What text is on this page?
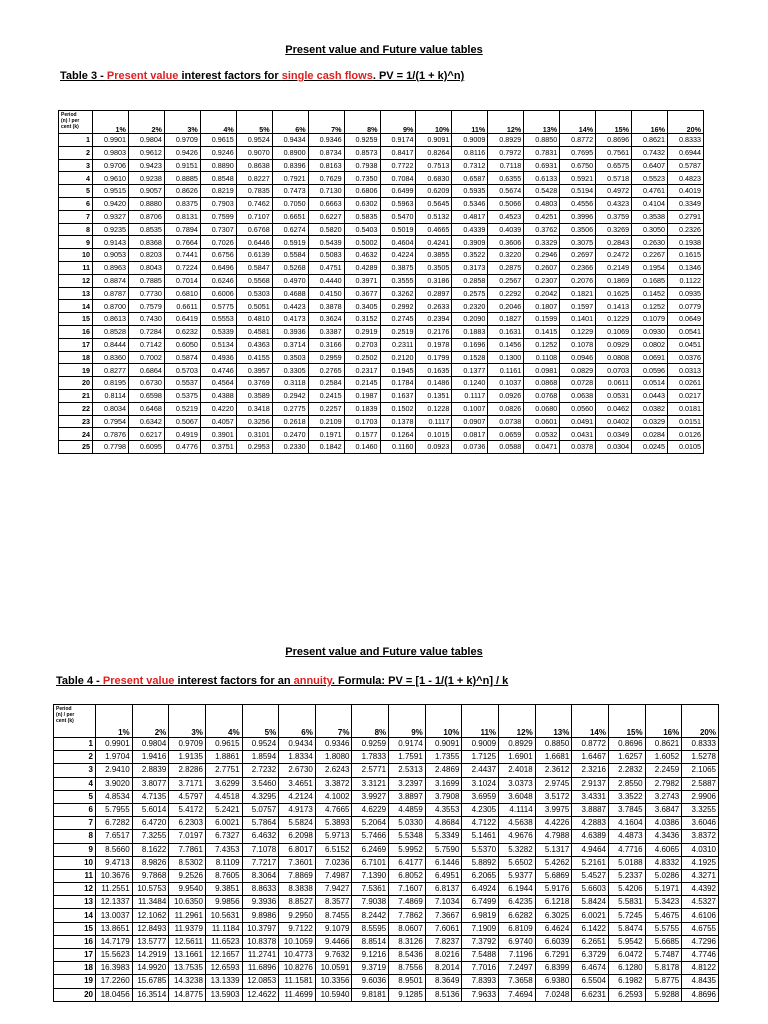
Present value and Future value tables
Table 3 - Present value interest factors for single cash flows. PV = 1/(1 + k)^n)
Period
(n) / per
cent (k)	1%	2%	3%	4%	5%	6%	7%	8%	9%	10%	11%	12%	13%	14%	15%	16%	20%
1	0.9901	0.9804	0.9709	0.9615	0.9524	0.9434	0.9346	0.9259	0.9174	0.9091	0.9009	0.8929	0.8850	0.8772	0.8696	0.8621	0.8333
2	0.9803	0.9612	0.9426	0.9246	0.9070	0.8900	0.8734	0.8573	0.8417	0.8264	0.8116	0.7972	0.7831	0.7695	0.7561	0.7432	0.6944
3	0.9706	0.9423	0.9151	0.8890	0.8638	0.8396	0.8163	0.7938	0.7722	0.7513	0.7312	0.7118	0.6931	0.6750	0.6575	0.6407	0.5787
4	0.9610	0.9238	0.8885	0.8548	0.8227	0.7921	0.7629	0.7350	0.7084	0.6830	0.6587	0.6355	0.6133	0.5921	0.5718	0.5523	0.4823
5	0.9515	0.9057	0.8626	0.8219	0.7835	0.7473	0.7130	0.6806	0.6499	0.6209	0.5935	0.5674	0.5428	0.5194	0.4972	0.4761	0.4019
6	0.9420	0.8880	0.8375	0.7903	0.7462	0.7050	0.6663	0.6302	0.5963	0.5645	0.5346	0.5066	0.4803	0.4556	0.4323	0.4104	0.3349
7	0.9327	0.8706	0.8131	0.7599	0.7107	0.6651	0.6227	0.5835	0.5470	0.5132	0.4817	0.4523	0.4251	0.3996	0.3759	0.3538	0.2791
8	0.9235	0.8535	0.7894	0.7307	0.6768	0.6274	0.5820	0.5403	0.5019	0.4665	0.4339	0.4039	0.3762	0.3506	0.3269	0.3050	0.2326
9	0.9143	0.8368	0.7664	0.7026	0.6446	0.5919	0.5439	0.5002	0.4604	0.4241	0.3909	0.3606	0.3329	0.3075	0.2843	0.2630	0.1938
10	0.9053	0.8203	0.7441	0.6756	0.6139	0.5584	0.5083	0.4632	0.4224	0.3855	0.3522	0.3220	0.2946	0.2697	0.2472	0.2267	0.1615
11	0.8963	0.8043	0.7224	0.6496	0.5847	0.5268	0.4751	0.4289	0.3875	0.3505	0.3173	0.2875	0.2607	0.2366	0.2149	0.1954	0.1346
12	0.8874	0.7885	0.7014	0.6246	0.5568	0.4970	0.4440	0.3971	0.3555	0.3186	0.2858	0.2567	0.2307	0.2076	0.1869	0.1685	0.1122
13	0.8787	0.7730	0.6810	0.6006	0.5303	0.4688	0.4150	0.3677	0.3262	0.2897	0.2575	0.2292	0.2042	0.1821	0.1625	0.1452	0.0935
14	0.8700	0.7579	0.6611	0.5775	0.5051	0.4423	0.3878	0.3405	0.2992	0.2633	0.2320	0.2046	0.1807	0.1597	0.1413	0.1252	0.0779
15	0.8613	0.7430	0.6419	0.5553	0.4810	0.4173	0.3624	0.3152	0.2745	0.2394	0.2090	0.1827	0.1599	0.1401	0.1229	0.1079	0.0649
16	0.8528	0.7284	0.6232	0.5339	0.4581	0.3936	0.3387	0.2919	0.2519	0.2176	0.1883	0.1631	0.1415	0.1229	0.1069	0.0930	0.0541
17	0.8444	0.7142	0.6050	0.5134	0.4363	0.3714	0.3166	0.2703	0.2311	0.1978	0.1696	0.1456	0.1252	0.1078	0.0929	0.0802	0.0451
18	0.8360	0.7002	0.5874	0.4936	0.4155	0.3503	0.2959	0.2502	0.2120	0.1799	0.1528	0.1300	0.1108	0.0946	0.0808	0.0691	0.0376
19	0.8277	0.6864	0.5703	0.4746	0.3957	0.3305	0.2765	0.2317	0.1945	0.1635	0.1377	0.1161	0.0981	0.0829	0.0703	0.0596	0.0313
20	0.8195	0.6730	0.5537	0.4564	0.3769	0.3118	0.2584	0.2145	0.1784	0.1486	0.1240	0.1037	0.0868	0.0728	0.0611	0.0514	0.0261
21	0.8114	0.6598	0.5375	0.4388	0.3589	0.2942	0.2415	0.1987	0.1637	0.1351	0.1117	0.0926	0.0768	0.0638	0.0531	0.0443	0.0217
22	0.8034	0.6468	0.5219	0.4220	0.3418	0.2775	0.2257	0.1839	0.1502	0.1228	0.1007	0.0826	0.0680	0.0560	0.0462	0.0382	0.0181
23	0.7954	0.6342	0.5067	0.4057	0.3256	0.2618	0.2109	0.1703	0.1378	0.1117	0.0907	0.0738	0.0601	0.0491	0.0402	0.0329	0.0151
24	0.7876	0.6217	0.4919	0.3901	0.3101	0.2470	0.1971	0.1577	0.1264	0.1015	0.0817	0.0659	0.0532	0.0431	0.0349	0.0284	0.0126
25	0.7798	0.6095	0.4776	0.3751	0.2953	0.2330	0.1842	0.1460	0.1160	0.0923	0.0736	0.0588	0.0471	0.0378	0.0304	0.0245	0.0105
Present value and Future value tables
Table 4 - Present value interest factors for an annuity. Formula: PV = [1 - 1/(1 + k)^n] / k
Period
(n) / per
cent (k)	1%	2%	3%	4%	5%	6%	7%	8%	9%	10%	11%	12%	13%	14%	15%	16%	20%
1	0.9901	0.9804	0.9709	0.9615	0.9524	0.9434	0.9346	0.9259	0.9174	0.9091	0.9009	0.8929	0.8850	0.8772	0.8696	0.8621	0.8333
2	1.9704	1.9416	1.9135	1.8861	1.8594	1.8334	1.8080	1.7833	1.7591	1.7355	1.7125	1.6901	1.6681	1.6467	1.6257	1.6052	1.5278
3	2.9410	2.8839	2.8286	2.7751	2.7232	2.6730	2.6243	2.5771	2.5313	2.4869	2.4437	2.4018	2.3612	2.3216	2.2832	2.2459	2.1065
4	3.9020	3.8077	3.7171	3.6299	3.5460	3.4651	3.3872	3.3121	3.2397	3.1699	3.1024	3.0373	2.9745	2.9137	2.8550	2.7982	2.5887
5	4.8534	4.7135	4.5797	4.4518	4.3295	4.2124	4.1002	3.9927	3.8897	3.7908	3.6959	3.6048	3.5172	3.4331	3.3522	3.2743	2.9906
6	5.7955	5.6014	5.4172	5.2421	5.0757	4.9173	4.7665	4.6229	4.4859	4.3553	4.2305	4.1114	3.9975	3.8887	3.7845	3.6847	3.3255
7	6.7282	6.4720	6.2303	6.0021	5.7864	5.5824	5.3893	5.2064	5.0330	4.8684	4.7122	4.5638	4.4226	4.2883	4.1604	4.0386	3.6046
8	7.6517	7.3255	7.0197	6.7327	6.4632	6.2098	5.9713	5.7466	5.5348	5.3349	5.1461	4.9676	4.7988	4.6389	4.4873	4.3436	3.8372
9	8.5660	8.1622	7.7861	7.4353	7.1078	6.8017	6.5152	6.2469	5.9952	5.7590	5.5370	5.3282	5.1317	4.9464	4.7716	4.6065	4.0310
10	9.4713	8.9826	8.5302	8.1109	7.7217	7.3601	7.0236	6.7101	6.4177	6.1446	5.8892	5.6502	5.4262	5.2161	5.0188	4.8332	4.1925
11	10.3676	9.7868	9.2526	8.7605	8.3064	7.8869	7.4987	7.1390	6.8052	6.4951	6.2065	5.9377	5.6869	5.4527	5.2337	5.0286	4.3271
12	11.2551	10.5753	9.9540	9.3851	8.8633	8.3838	7.9427	7.5361	7.1607	6.8137	6.4924	6.1944	5.9176	5.6603	5.4206	5.1971	4.4392
13	12.1337	11.3484	10.6350	9.9856	9.3936	8.8527	8.3577	7.9038	7.4869	7.1034	6.7499	6.4235	6.1218	5.8424	5.5831	5.3423	4.5327
14	13.0037	12.1062	11.2961	10.5631	9.8986	9.2950	8.7455	8.2442	7.7862	7.3667	6.9819	6.6282	6.3025	6.0021	5.7245	5.4675	4.6106
15	13.8651	12.8493	11.9379	11.1184	10.3797	9.7122	9.1079	8.5595	8.0607	7.6061	7.1909	6.8109	6.4624	6.1422	5.8474	5.5755	4.6755
16	14.7179	13.5777	12.5611	11.6523	10.8378	10.1059	9.4466	8.8514	8.3126	7.8237	7.3792	6.9740	6.6039	6.2651	5.9542	5.6685	4.7296
17	15.5623	14.2919	13.1661	12.1657	11.2741	10.4773	9.7632	9.1216	8.5436	8.0216	7.5488	7.1196	6.7291	6.3729	6.0472	5.7487	4.7746
18	16.3983	14.9920	13.7535	12.6593	11.6896	10.8276	10.0591	9.3719	8.7556	8.2014	7.7016	7.2497	6.8399	6.4674	6.1280	5.8178	4.8122
19	17.2260	15.6785	14.3238	13.1339	12.0853	11.1581	10.3356	9.6036	8.9501	8.3649	7.8393	7.3658	6.9380	6.5504	6.1982	5.8775	4.8435
20	18.0456	16.3514	14.8775	13.5903	12.4622	11.4699	10.5940	9.8181	9.1285	8.5136	7.9633	7.4694	7.0248	6.6231	6.2593	5.9288	4.8696
